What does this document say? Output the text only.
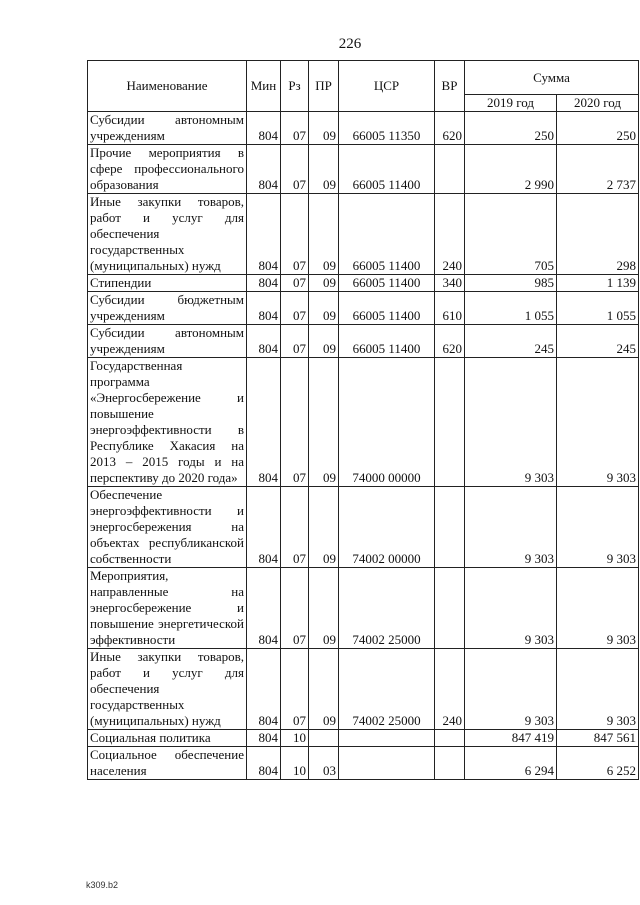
226
Наименование	Мин	Рз	ПР	ЦСР	ВР	Сумма	
						2019 год	2020 год
Субсидии автономным учреждениям	804	07	09	66005 11350	620	250	250
Прочие мероприятия в сфере профессионального образования	804	07	09	66005 11400		2 990	2 737
Иные закупки товаров, работ и услуг для обеспечения государственных (муниципальных) нужд	804	07	09	66005 11400	240	705	298
Стипендии	804	07	09	66005 11400	340	985	1 139
Субсидии бюджетным учреждениям	804	07	09	66005 11400	610	1 055	1 055
Субсидии автономным учреждениям	804	07	09	66005 11400	620	245	245
Государственная программа «Энергосбережение и повышение энергоэффективности в Республике Хакасия на 2013 – 2015 годы и на перспективу до 2020 года»	804	07	09	74000 00000		9 303	9 303
Обеспечение энергоэффективности и энергосбережения на объектах республиканской собственности	804	07	09	74002 00000		9 303	9 303
Мероприятия, направленные на энергосбережение и повышение энергетической эффективности	804	07	09	74002 25000		9 303	9 303
Иные закупки товаров, работ и услуг для обеспечения государственных (муниципальных) нужд	804	07	09	74002 25000	240	9 303	9 303
Социальная политика	804	10				847 419	847 561
Социальное обеспечение населения	804	10	03			6 294	6 252
k309.b2
